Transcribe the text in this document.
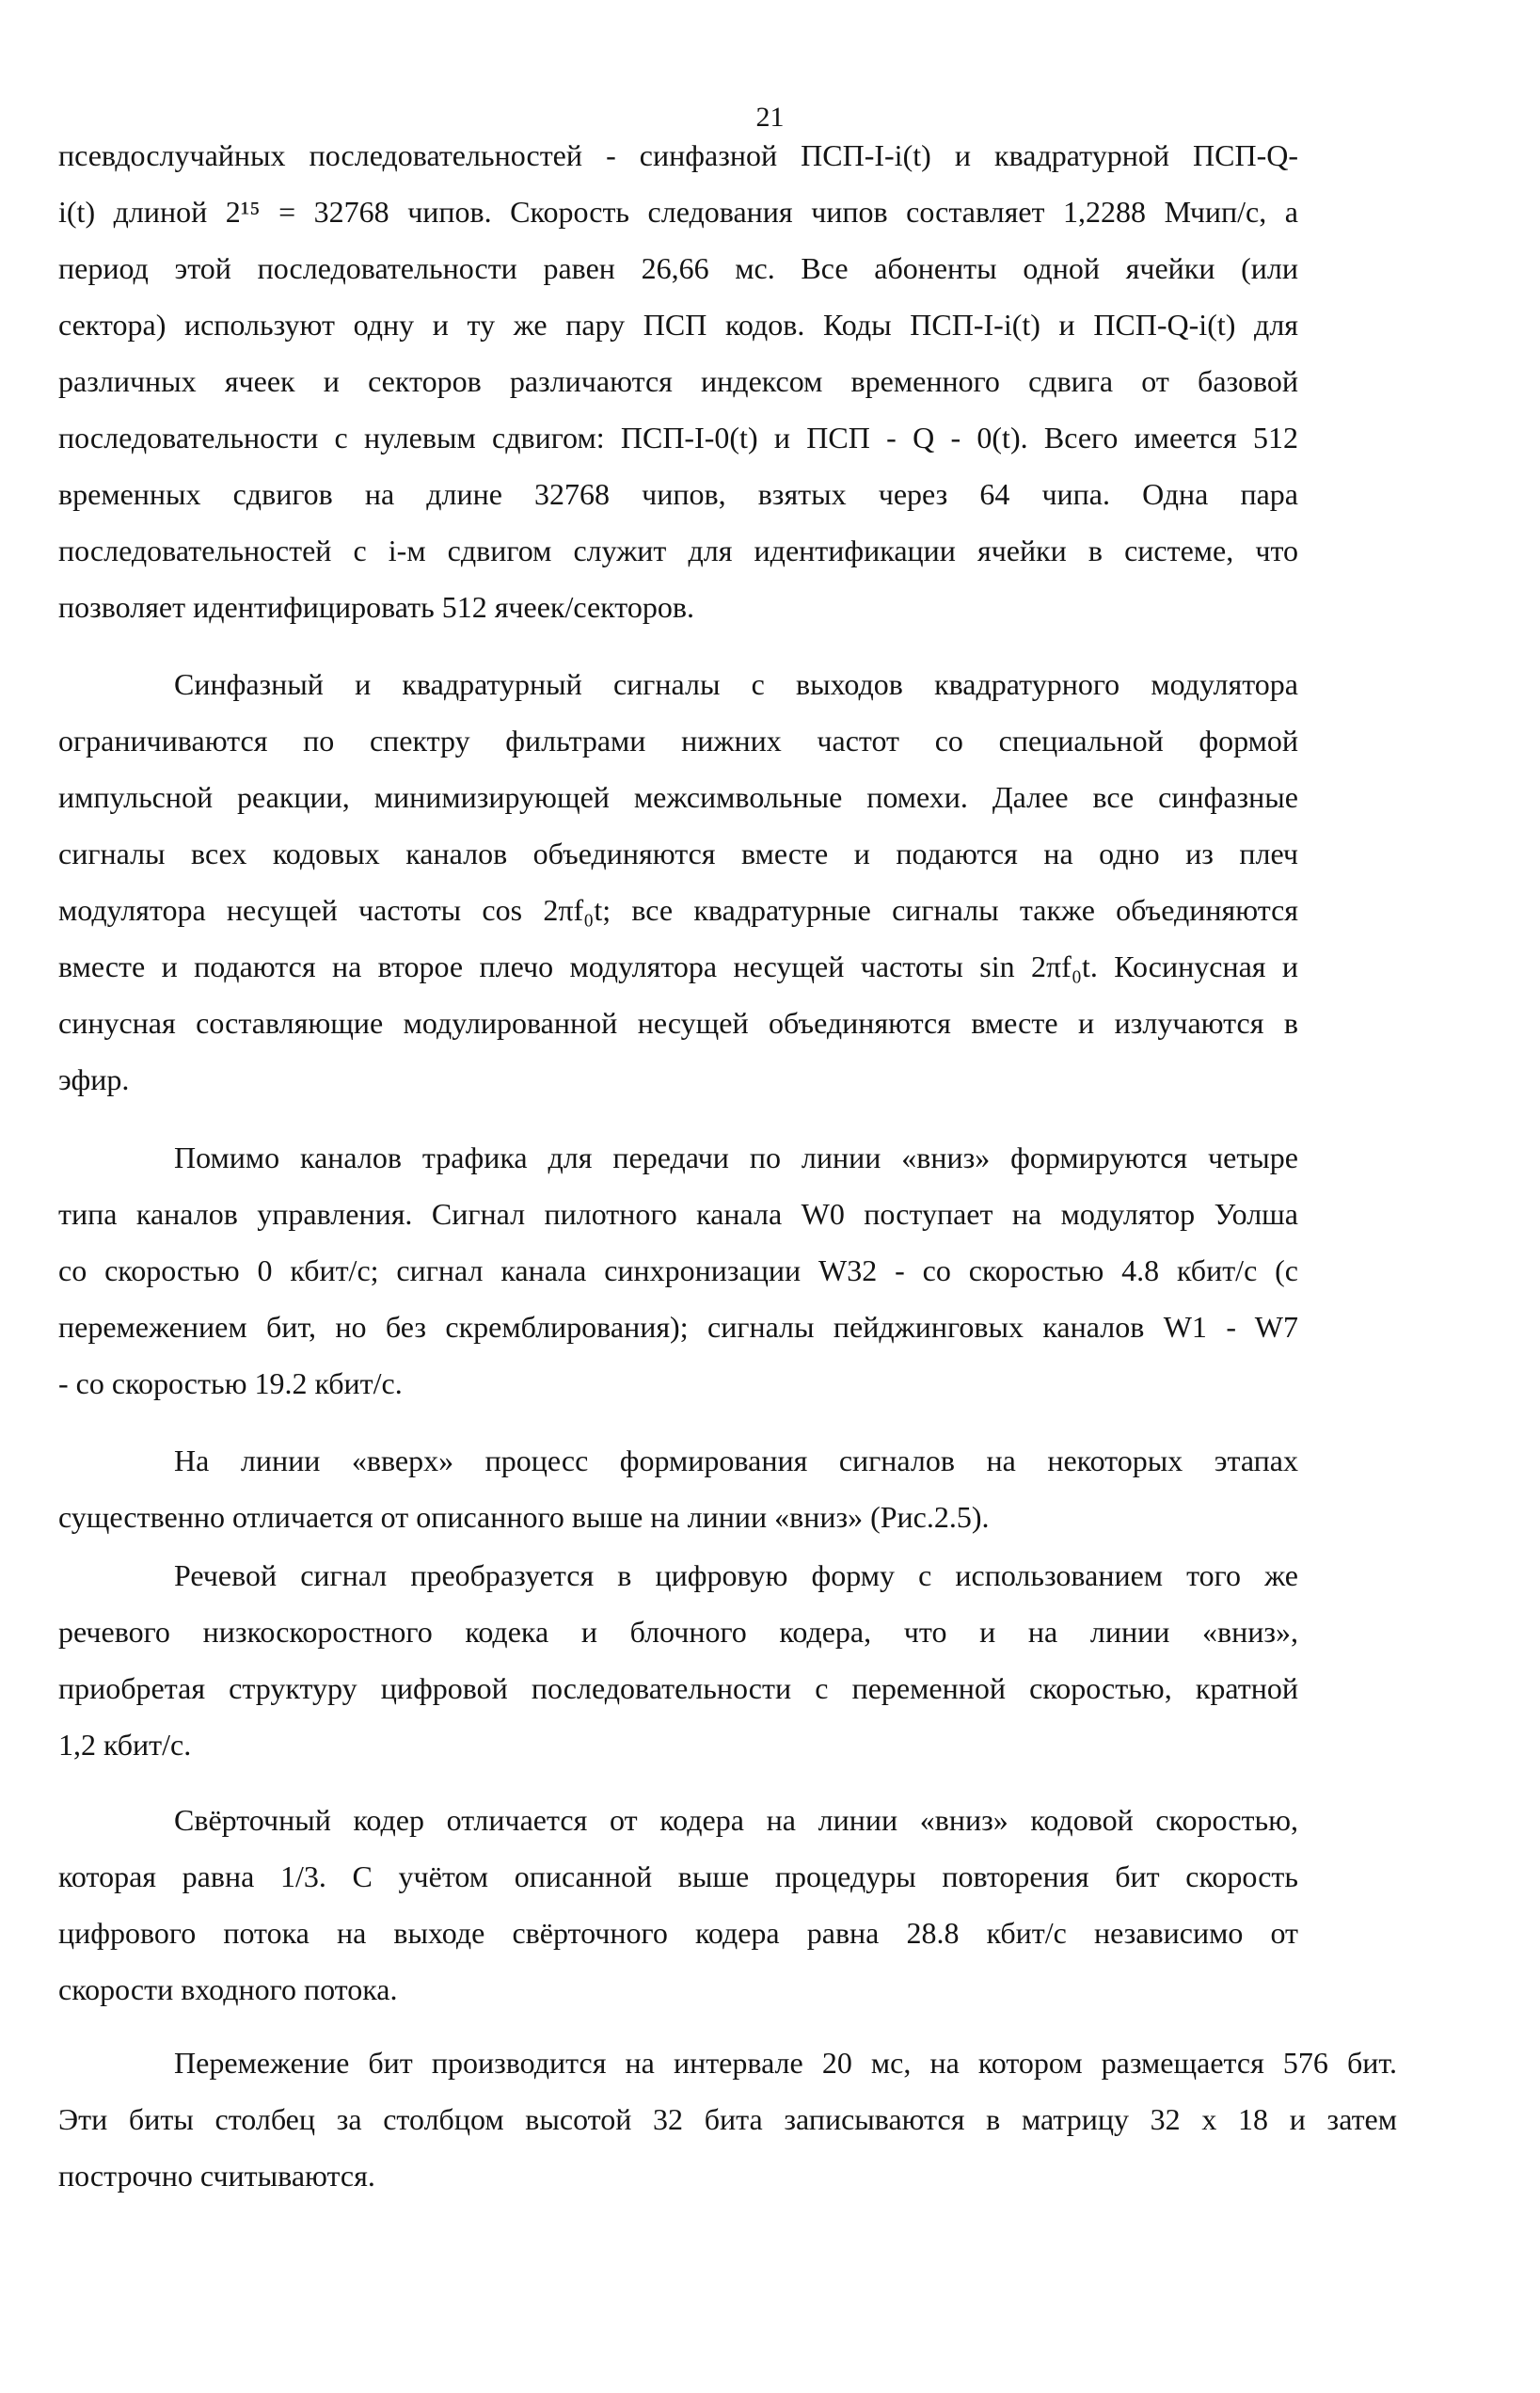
21
псевдослучайных последовательностей - синфазной ПСП-I-i(t) и квадратурной ПСП-Q-
i(t) длиной 2¹⁵ = 32768 чипов. Скорость следования чипов составляет 1,2288 Мчип/с, а
период этой последовательности равен 26,66 мс. Все абоненты одной ячейки (или
сектора) используют одну и ту же пару ПСП кодов. Коды ПСП-I-i(t) и ПСП-Q-i(t) для
различных ячеек и секторов различаются индексом временного сдвига от базовой
последовательности с нулевым сдвигом: ПСП-I-0(t) и ПСП - Q - 0(t). Всего имеется 512
временных сдвигов на длине 32768 чипов, взятых через 64 чипа. Одна пара
последовательностей с i-м сдвигом служит для идентификации ячейки в системе, что
позволяет идентифицировать 512 ячеек/секторов.
Синфазный и квадратурный сигналы с выходов квадратурного модулятора
ограничиваются по спектру фильтрами нижних частот со специальной формой
импульсной реакции, минимизирующей межсимвольные помехи. Далее все синфазные
сигналы всех кодовых каналов объединяются вместе и подаются на одно из плеч
модулятора несущей частоты cos 2πf₀t; все квадратурные сигналы также объединяются
вместе и подаются на второе плечо модулятора несущей частоты sin 2πf₀t. Косинусная и
синусная составляющие модулированной несущей объединяются вместе и излучаются в
эфир.
Помимо каналов трафика для передачи по линии «вниз» формируются четыре
типа каналов управления. Сигнал пилотного канала W0 поступает на модулятор Уолша
со скоростью 0 кбит/с; сигнал канала синхронизации W32 - со скоростью 4.8 кбит/с (с
перемежением бит, но без скремблирования); сигналы пейджинговых каналов W1 - W7
- со скоростью 19.2 кбит/с.
На линии «вверх» процесс формирования сигналов на некоторых этапах
существенно отличается от описанного выше на линии «вниз» (Рис.2.5).
Речевой сигнал преобразуется в цифровую форму с использованием того же
речевого низкоскоростного кодека и блочного кодера, что и на линии «вниз»,
приобретая структуру цифровой последовательности с переменной скоростью, кратной
1,2 кбит/с.
Свёрточный кодер отличается от кодера на линии «вниз» кодовой скоростью,
которая равна 1/3. С учётом описанной выше процедуры повторения бит скорость
цифрового потока на выходе свёрточного кодера равна 28.8 кбит/с независимо от
скорости входного потока.
Перемежение бит производится на интервале 20 мс, на котором размещается 576 бит.
Эти биты столбец за столбцом высотой 32 бита записываются в матрицу 32 x 18 и затем
построчно считываются.
